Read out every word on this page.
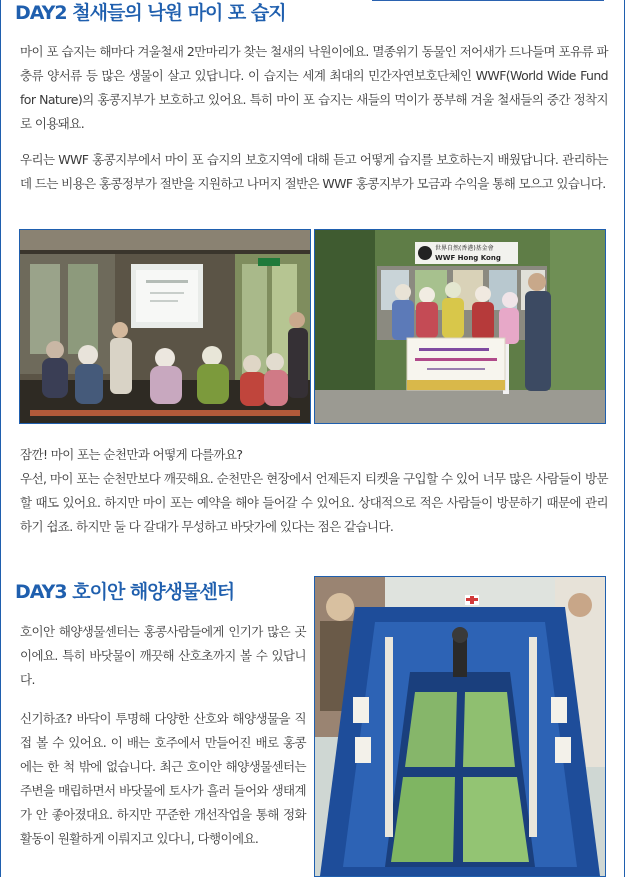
DAY2 철새들의 낙원 마이 포 습지

마이 포 습지는 해마다 겨울철새 2만마리가 찾는 철새의 낙원이에요. 멸종위기 동물인 저어새가 드나들며 포유류 파충류 양서류 등 많은 생물이 살고 있답니다. 이 습지는 세계 최대의 민간자연보호단체인 WWF(World Wide Fund for Nature)의 홍콩지부가 보호하고 있어요. 특히 마이 포 습지는 새들의 먹이가 풍부해 겨울 철새들의 중간 정착지로 이용돼요.

우리는 WWF 홍콩지부에서 마이 포 습지의 보호지역에 대해 듣고 어떻게 습지를 보호하는지 배웠답니다. 관리하는 데 드는 비용은 홍콩정부가 절반을 지원하고 나머지 절반은 WWF 홍콩지부가 모금과 수익을 통해 모으고 있습니다.

世界自然(香港)基金會
WWF Hong Kong

잠깐! 마이 포는 순천만과 어떻게 다를까요?
우선, 마이 포는 순천만보다 깨끗해요. 순천만은 현장에서 언제든지 티켓을 구입할 수 있어 너무 많은 사람들이 방문할 때도 있어요. 하지만 마이 포는 예약을 해야 들어갈 수 있어요. 상대적으로 적은 사람들이 방문하기 때문에 관리하기 쉽죠. 하지만 둘 다 갈대가 무성하고 바닷가에 있다는 점은 같습니다.

DAY3 호이안 해양생물센터

호이안 해양생물센터는 홍콩사람들에게 인기가 많은 곳이에요. 특히 바닷물이 깨끗해 산호초까지 볼 수 있답니다.

신기하죠? 바닥이 투명해 다양한 산호와 해양생물을 직접 볼 수 있어요. 이 배는 호주에서 만들어진 배로 홍콩에는 한 척 밖에 없습니다. 최근 호이안 해양생물센터는 주변을 매립하면서 바닷물에 토사가 흘러 들어와 생태계가 안 좋아졌대요. 하지만 꾸준한 개선작업을 통해 정화활동이 원활하게 이뤄지고 있다니, 다행이에요.
